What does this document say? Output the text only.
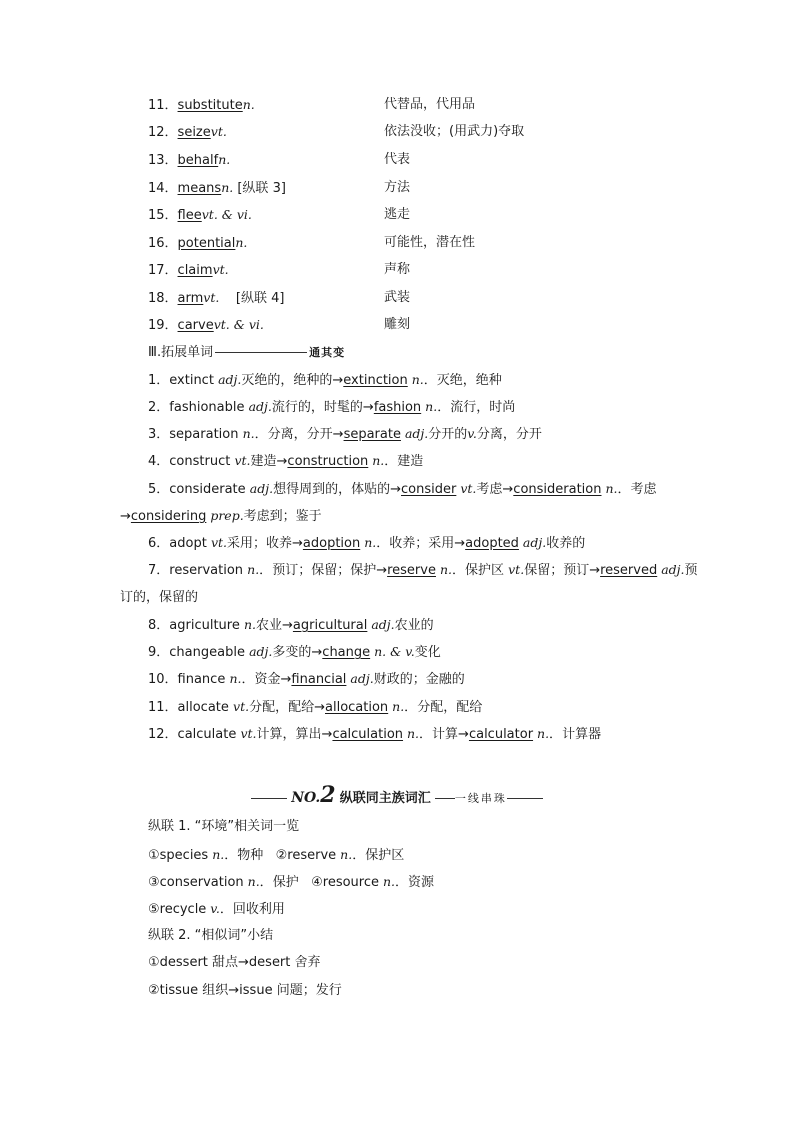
11．substituten.	代替品，代用品
12．seizevt.	依法没收；(用武力)夺取
13．behalfn.	代表
14．meansn. [纵联 3]	方法
15．fleevt. & vi.	逃走
16．potentialn.	可能性，潜在性
17．claimvt.	声称
18．armvt. [纵联 4]	武装
19．carvevt. & vi.	雕刻
Ⅲ.拓展单词	通其变
1．extinct adj.灭绝的，绝种的→extinction n.．灭绝，绝种
2．fashionable adj.流行的，时髦的→fashion n.．流行，时尚
3．separation n.．分离，分开→separate adj.分开的v.分离，分开
4．construct vt.建造→construction n.．建造
5．considerate adj.想得周到的，体贴的→consider vt.考虑→consideration n.．考虑
→considering prep.考虑到；鉴于
6．adopt vt.采用；收养→adoption n.．收养；采用→adopted adj.收养的
7．reservation n.．预订；保留；保护→reserve n.．保护区 vt.保留；预订→reserved adj.预
订的，保留的
8．agriculture n.农业→agricultural adj.农业的
9．changeable adj.多变的→change n. & v.变化
10．finance n.．资金→financial adj.财政的；金融的
11．allocate vt.分配，配给→allocation n.．分配，配给
12．calculate vt.计算，算出→calculation n.．计算→calculator n.．计算器
NO.2 纵联同主族词汇 一线串珠
纵联 1. “环境”相关词一览
①species n.．物种 ②reserve n.．保护区
③conservation n.．保护 ④resource n.．资源
⑤recycle v.．回收利用
纵联 2. “相似词”小结
①dessert 甜点→desert 舍弃
②tissue 组织→issue 问题；发行
